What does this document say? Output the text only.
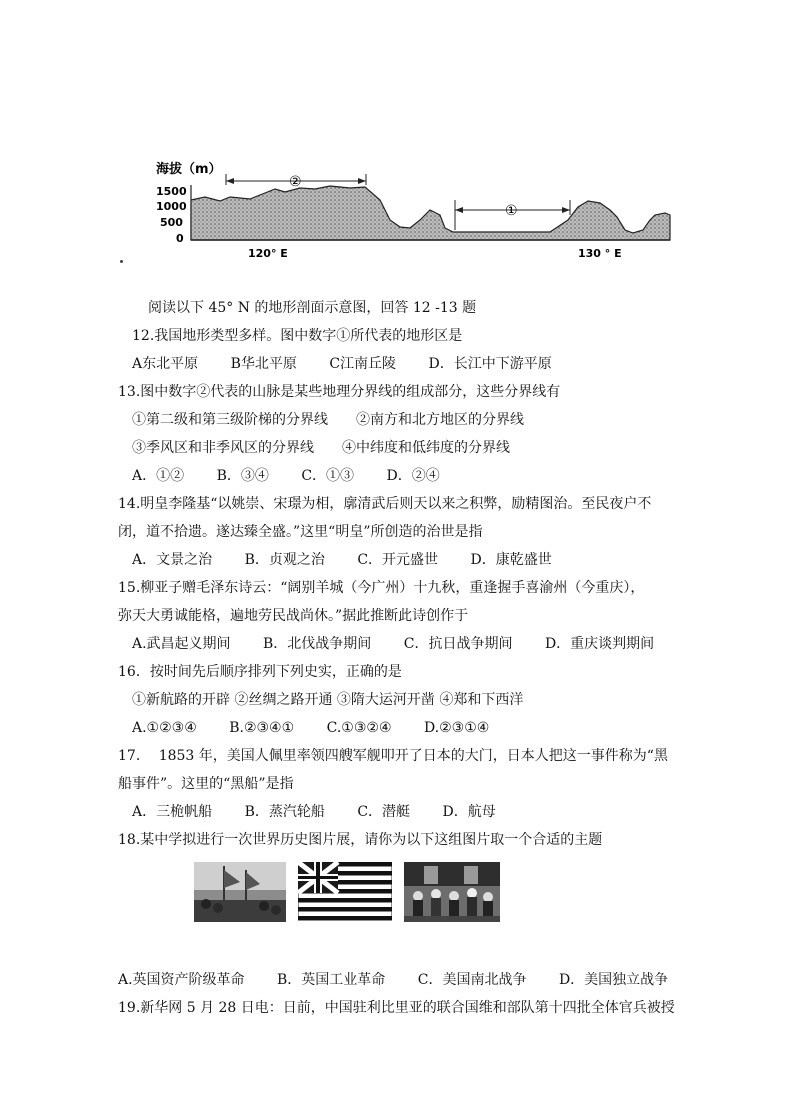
海拔（m）
1500
1000
500
0
②
①
120° E	130 ° E
阅读以下 45° N 的地形剖面示意图，回答 12 -13 题
12.我国地形类型多样。图中数字①所代表的地形区是
A东北平原 B华北平原 C江南丘陵 D．长江中下游平原
13.图中数字②代表的山脉是某些地理分界线的组成部分，这些分界线有
①第二级和第三级阶梯的分界线　　②南方和北方地区的分界线
③季风区和非季风区的分界线　　④中纬度和低纬度的分界线
A．①② B．③④ C．①③ D．②④
14.明皇李隆基“以姚崇、宋璟为相，廓清武后则天以来之积弊，励精图治。至民夜户不
闭，道不拾遗。遂达臻全盛。”这里“明皇”所创造的治世是指
A．文景之治 B．贞观之治 C．开元盛世 D．康乾盛世
15.柳亚子赠毛泽东诗云：“阔别羊城（今广州）十九秋，重逢握手喜渝州（今重庆），
弥天大勇诚能格，遍地劳民战尚休。”据此推断此诗创作于
A.武昌起义期间 B．北伐战争期间 C．抗日战争期间 D．重庆谈判期间
16．按时间先后顺序排列下列史实，正确的是
①新航路的开辟 ②丝绸之路开通 ③隋大运河开凿 ④郑和下西洋
A.①②③④ B.②③④① C.①③②④ D.②③①④
17.　 1853 年，美国人佩里率领四艘军舰叩开了日本的大门，日本人把这一事件称为“黑
船事件”。这里的“黑船”是指
A．三桅帆船 B．蒸汽轮船 C．潜艇 D．航母
18.某中学拟进行一次世界历史图片展，请你为以下这组图片取一个合适的主题
A.英国资产阶级革命 B．英国工业革命 C．美国南北战争 D．美国独立战争
19.新华网 5 月 28 日电：日前，中国驻利比里亚的联合国维和部队第十四批全体官兵被授
